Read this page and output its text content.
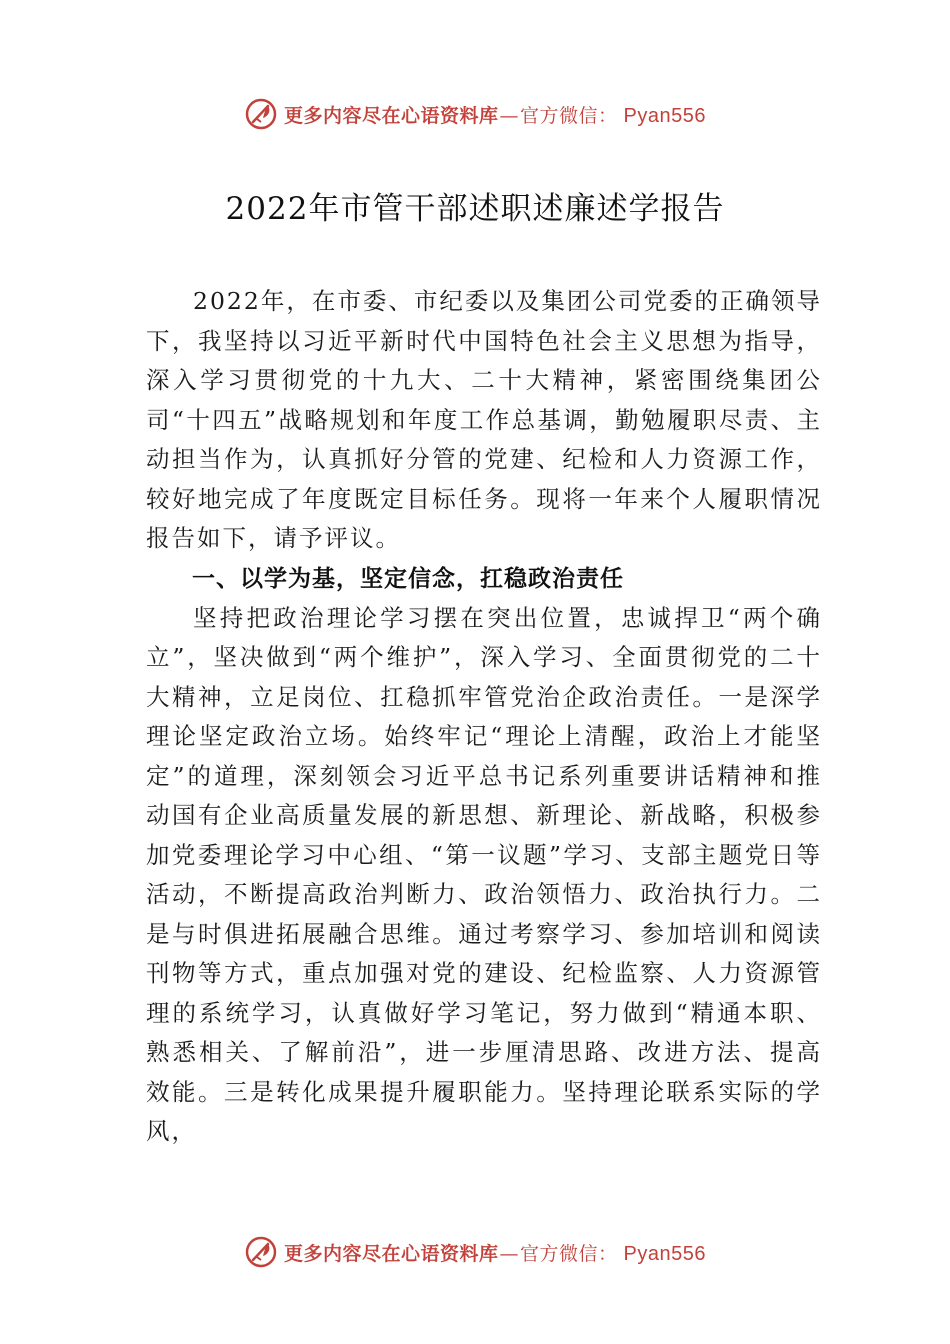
更多内容尽在心语资料库—官方微信： Pyan556
2022年市管干部述职述廉述学报告

2022年，在市委、市纪委以及集团公司党委的正确领导下，我坚持以习近平新时代中国特色社会主义思想为指导，深入学习贯彻党的十九大、二十大精神，紧密围绕集团公司“十四五”战略规划和年度工作总基调，勤勉履职尽责、主动担当作为，认真抓好分管的党建、纪检和人力资源工作，较好地完成了年度既定目标任务。现将一年来个人履职情况报告如下，请予评议。

一、以学为基，坚定信念，扛稳政治责任

坚持把政治理论学习摆在突出位置，忠诚捍卫“两个确立”，坚决做到“两个维护”，深入学习、全面贯彻党的二十大精神，立足岗位、扛稳抓牢管党治企政治责任。一是深学理论坚定政治立场。始终牢记“理论上清醒，政治上才能坚定”的道理，深刻领会习近平总书记系列重要讲话精神和推动国有企业高质量发展的新思想、新理论、新战略，积极参加党委理论学习中心组、“第一议题”学习、支部主题党日等活动，不断提高政治判断力、政治领悟力、政治执行力。二是与时俱进拓展融合思维。通过考察学习、参加培训和阅读刊物等方式，重点加强对党的建设、纪检监察、人力资源管理的系统学习，认真做好学习笔记，努力做到“精通本职、熟悉相关、了解前沿”，进一步厘清思路、改进方法、提高效能。三是转化成果提升履职能力。坚持理论联系实际的学风，

更多内容尽在心语资料库—官方微信： Pyan556
